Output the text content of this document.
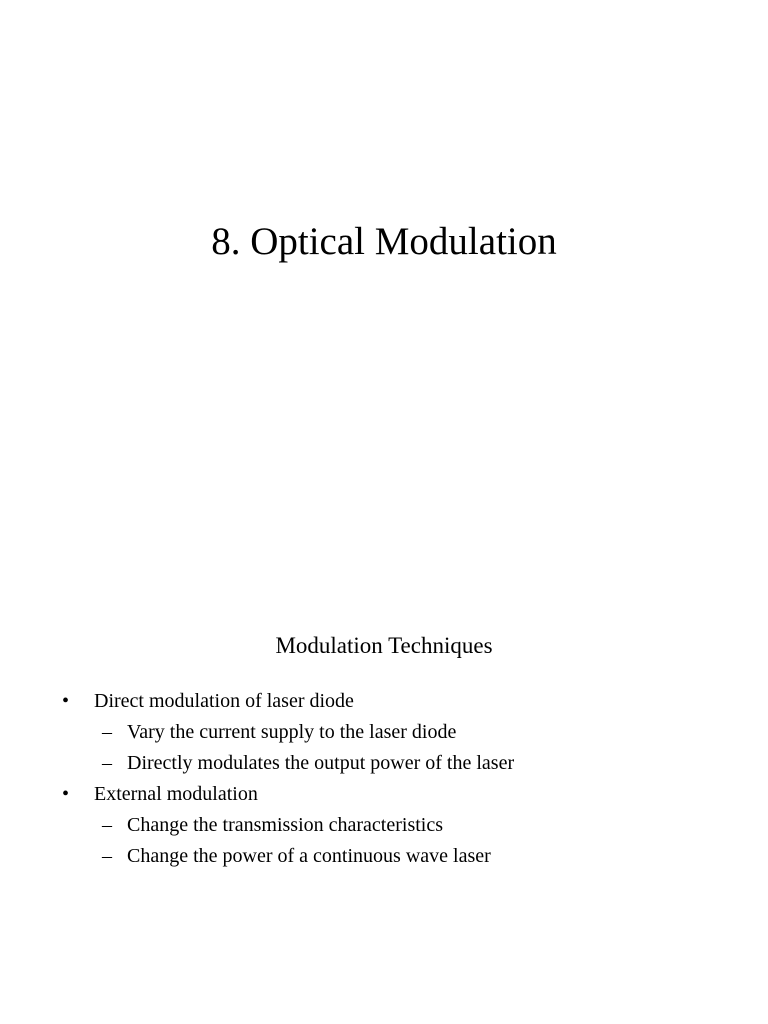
8. Optical Modulation
Modulation Techniques
•	Direct modulation of laser diode
– Vary the current supply to the laser diode
– Directly modulates the output power of the laser
•	External modulation
– Change the transmission characteristics
– Change the power of a continuous wave laser
